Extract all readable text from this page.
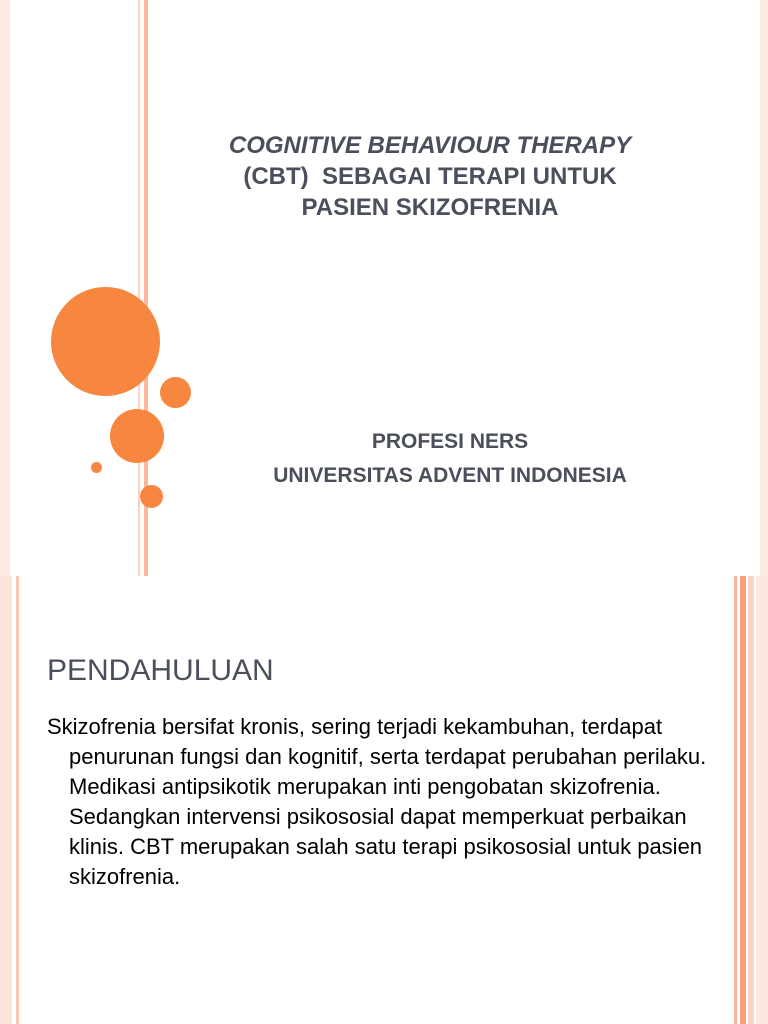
COGNITIVE BEHAVIOUR THERAPY
(CBT)  SEBAGAI TERAPI UNTUK
PASIEN SKIZOFRENIA
PROFESI NERS
UNIVERSITAS ADVENT INDONESIA
PENDAHULUAN
Skizofrenia bersifat kronis, sering terjadi kekambuhan, terdapat penurunan fungsi dan kognitif, serta terdapat perubahan perilaku. Medikasi antipsikotik merupakan inti pengobatan skizofrenia. Sedangkan intervensi psikososial dapat memperkuat perbaikan klinis. CBT merupakan salah satu terapi psikososial untuk pasien skizofrenia.
